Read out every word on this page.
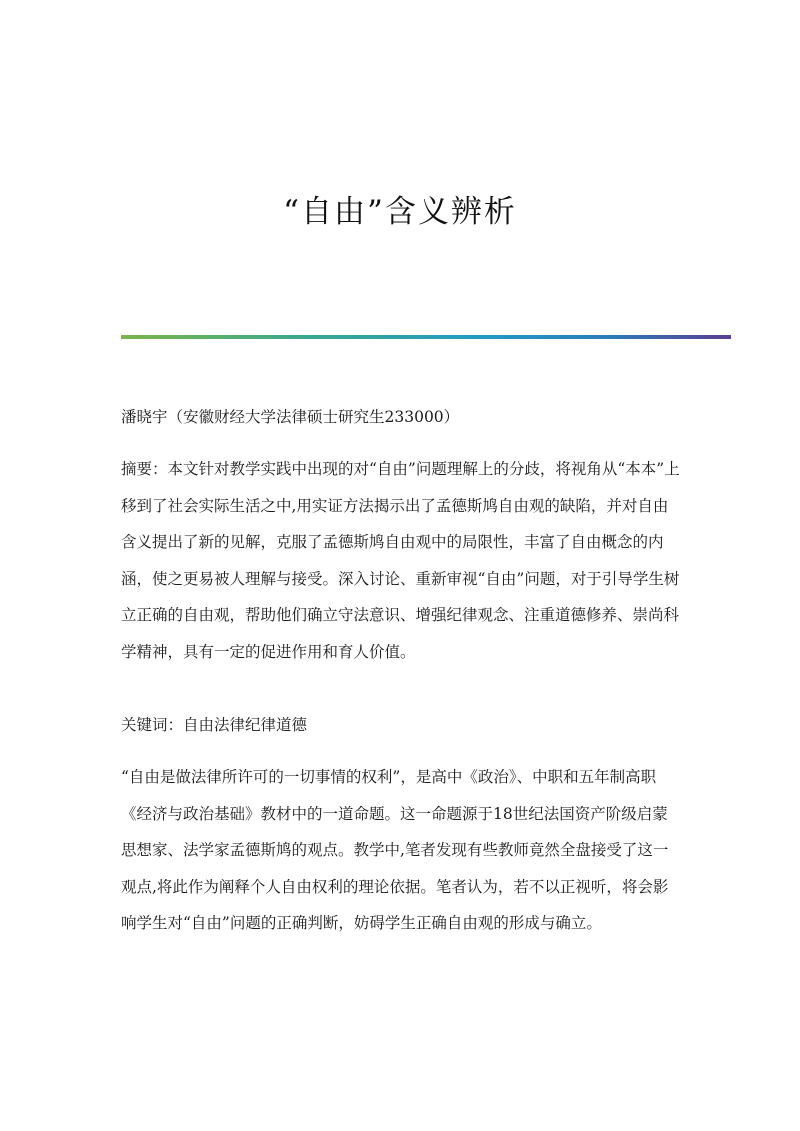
“自由”含义辨析

潘晓宇（安徽财经大学法律硕士研究生233000）

摘要：本文针对教学实践中出现的对“自由”问题理解上的分歧，将视角从“本本”上移到了社会实际生活之中,用实证方法揭示出了孟德斯鸠自由观的缺陷，并对自由含义提出了新的见解，克服了孟德斯鸠自由观中的局限性，丰富了自由概念的内涵，使之更易被人理解与接受。深入讨论、重新审视“自由”问题，对于引导学生树立正确的自由观，帮助他们确立守法意识、增强纪律观念、注重道德修养、崇尚科学精神，具有一定的促进作用和育人价值。

关键词：自由法律纪律道德

“自由是做法律所许可的一切事情的权利”，是高中《政治》、中职和五年制高职《经济与政治基础》教材中的一道命题。这一命题源于18世纪法国资产阶级启蒙思想家、法学家孟德斯鸠的观点。教学中,笔者发现有些教师竟然全盘接受了这一观点,将此作为阐释个人自由权利的理论依据。笔者认为，若不以正视听，将会影响学生对“自由”问题的正确判断，妨碍学生正确自由观的形成与确立。
